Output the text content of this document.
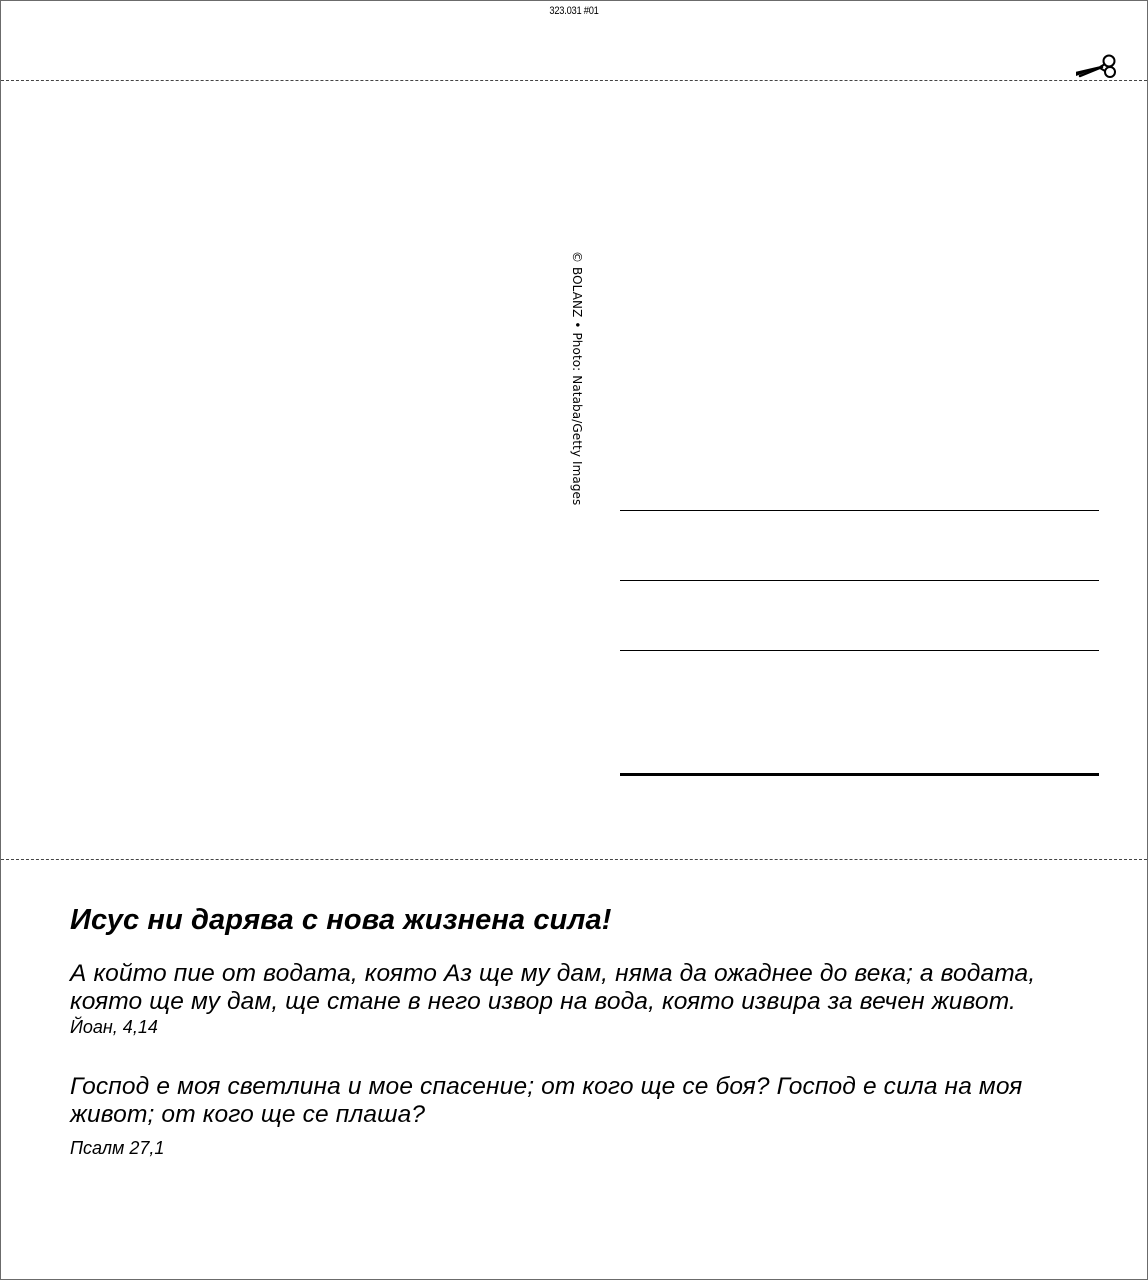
323.031 #01
© BOLANZ • Photo: Nataba/Getty Images
Исус ни дарява с нова жизнена сила!

А който пие от водата, която Аз ще му дам, няма да ожаднее до века; а водата, която ще му дам, ще стане в него извор на вода, която извира за вечен живот.

Йоан, 4,14

Господ е моя светлина и мое спасение; от кого ще се боя? Господ е сила на моя живот; от кого ще се плаша?

Псалм 27,1
